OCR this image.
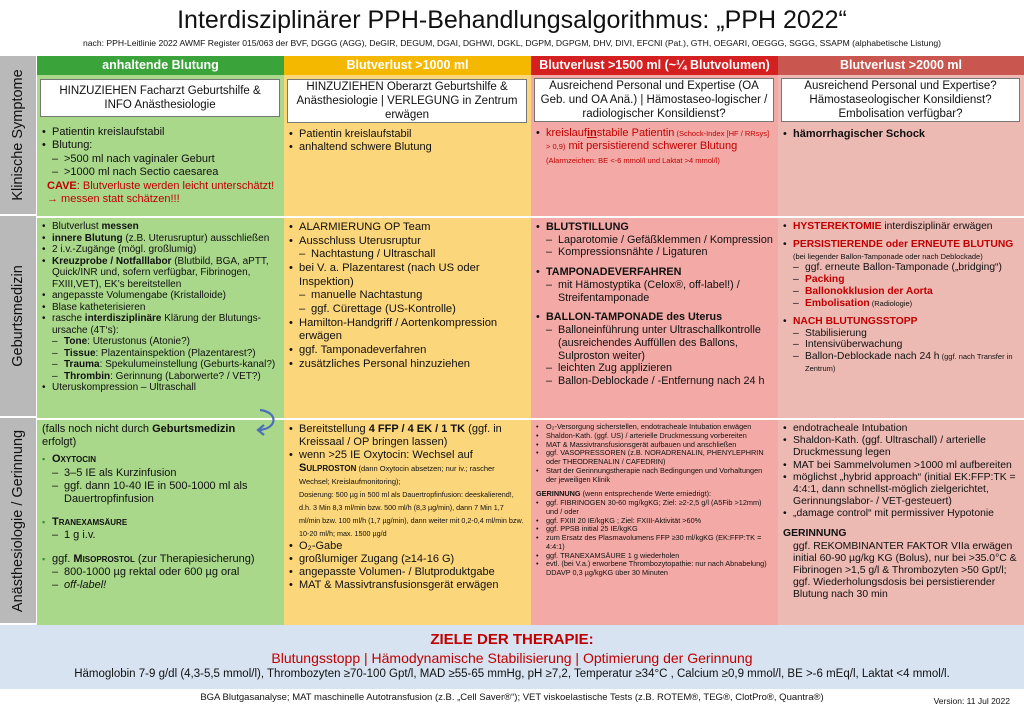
Interdisziplinärer PPH-Behandlungsalgorithmus: „PPH 2022“
nach: PPH-Leitlinie 2022 AWMF Register 015/063 der BVF, DGGG (AGG), DeGIR, DEGUM, DGAI, DGHWI, DGKL, DGPM, DGPGM, DHV, DIVI, EFCNI (Pat.), GTH, OEGARI, OEGGG, SGGG, SSAPM (alphabetische Listung)
Klinische Symptome
Geburtsmedizin
Anästhesiologie / Gerinnung
anhaltende Blutung	Blutverlust >1000 ml	Blutverlust >1500 ml (~¼ Blutvolumen)	Blutverlust >2000 ml
HINZUZIEHEN Facharzt Geburtshilfe & INFO Anästhesiologie
• Patientin kreislaufstabil
• Blutung:
– >500 ml nach vaginaler Geburt
– >1000 ml nach Sectio caesarea
CAVE: Blutverluste werden leicht unterschätzt! → messen statt schätzen!!!
HINZUZIEHEN Oberarzt Geburtshilfe & Anästhesiologie | VERLEGUNG in Zentrum erwägen
• Patientin kreislaufstabil
• anhaltend schwere Blutung
Ausreichend Personal und Expertise (OA Geb. und OA Anä.) | Hämostaseo-logischer / radiologischer Konsildienst?
• kreislaufinstabile Patientin (Schock-Index [HF / RRsys] > 0,9) mit persistierend schwerer Blutung (Alarmzeichen: BE <-6 mmol/l und Laktat >4 mmol/l)
Ausreichend Personal und Expertise? Hämostaseologischer Konsildienst? Embolisation verfügbar?
• hämorrhagischer Schock
• Blutverlust messen
• innere Blutung (z.B. Uterusruptur) ausschließen
• 2 i.v.-Zugänge (mögl. großlumig)
• Kreuzprobe / Notfalllabor (Blutbild, BGA, aPTT, Quick/INR und, sofern verfügbar, Fibrinogen, FXIII,VET), EK’s bereitstellen
• angepasste Volumengabe (Kristalloide)
• Blase katheterisieren
• rasche interdisziplinäre Klärung der Blutungs-ursache (4T‘s):
– Tone: Uterustonus (Atonie?)
– Tissue: Plazentainspektion (Plazentarest?)
– Trauma: Spekulumeinstellung (Geburts-kanal?)
– Thrombin: Gerinnung (Laborwerte? / VET?)
• Uteruskompression – Ultraschall
• ALARMIERUNG OP Team
• Ausschluss Uterusruptur
– Nachtastung / Ultraschall
• bei V. a. Plazentarest (nach US oder Inspektion)
– manuelle Nachtastung
– ggf. Cürettage (US-Kontrolle)
• Hamilton-Handgriff / Aortenkompression erwägen
• ggf. Tamponadeverfahren
• zusätzliches Personal hinzuziehen
• BLUTSTILLUNG
– Laparotomie / Gefäßklemmen / Kompression
– Kompressionsnähte / Ligaturen
• TAMPONADEVERFAHREN
– mit Hämostyptika (Celox®, off-label!) / Streifentamponade
• BALLON-TAMPONADE des Uterus
– Balloneinführung unter Ultraschallkontrolle (ausreichendes Auffüllen des Ballons, Sulproston weiter)
– leichten Zug applizieren
– Ballon-Deblockade / -Entfernung nach 24 h
• HYSTEREKTOMIE interdisziplinär erwägen
• PERSISTIERENDE oder ERNEUTE BLUTUNG
(bei liegender Ballon-Tamponade oder nach Deblockade)
– ggf. erneute Ballon-Tamponade („bridging“)
– Packing
– Ballonokklusion der Aorta
– Embolisation (Radiologie)
• NACH BLUTUNGSSTOPP
– Stabilisierung
– Intensivüberwachung
– Ballon-Deblockade nach 24 h (ggf. nach Transfer in Zentrum)
(falls noch nicht durch Geburtsmedizin erfolgt)
▪ Oxytocin
– 3–5 IE als Kurzinfusion
– ggf. dann 10-40 IE in 500-1000 ml als Dauertropfinfusion
▪ Tranexamsäure
– 1 g i.v.
▪ ggf. Misoprostol (zur Therapiesicherung)
– 800-1000 µg rektal oder 600 µg oral
– off-label!
• Bereitstellung 4 FFP / 4 EK / 1 TK (ggf. in Kreissaal / OP bringen lassen)
• wenn >25 IE Oxytocin: Wechsel auf
Sulproston (dann Oxytocin absetzen; nur iv.; rascher Wechsel; Kreislaufmonitoring);
Dosierung: 500 µg in 500 ml als Dauertropfinfusion: deeskalierend!, d.h. 3 Min 8,3 ml/min bzw. 500 ml/h (8,3 µg/min), dann 7 Min 1,7 ml/min bzw. 100 ml/h (1,7 µg/min), dann weiter mit 0,2-0,4 ml/min bzw. 10-20 ml/h; max. 1500 µg/d
• O₂-Gabe
• großlumiger Zugang (≥14-16 G)
• angepasste Volumen- / Blutproduktgabe
• MAT & Massivtransfusionsgerät erwägen
• O₂-Versorgung sicherstellen, endotracheale Intubation erwägen
• Shaldon-Kath. (ggf. US) / arterielle Druckmessung vorbereiten
• MAT & Massivtransfusionsgerät aufbauen und anschließen
• ggf. VASOPRESSOREN (z.B. NORADRENALIN, PHENYLEPHRIN oder THEODRENALIN / CAFEDRIN)
• Start der Gerinnungstherapie nach Bedingungen und Vorhaltungen der jeweiligen Klinik
GERINNUNG (wenn entsprechende Werte erniedrigt):
• ggf. FIBRINOGEN 30-60 mg/kgKG; Ziel: ≥2-2,5 g/l (A5Fib >12mm) und / oder
• ggf. FXIII 20 IE/kgKG ; Ziel: FXIII-Aktivität >60%
• ggf. PPSB initial 25 IE/kgKG
• zum Ersatz des Plasmavolumens FFP ≥30 ml/kgKG (EK:FFP:TK = 4:4:1)
• ggf. TRANEXAMSÄURE 1 g wiederholen
• evtl. (bei V.a.) erworbene Thrombozytopathie: nur nach Abnabelung) DDAVP 0,3 µg/kgKG über 30 Minuten
• endotracheale Intubation
• Shaldon-Kath. (ggf. Ultraschall) / arterielle Druckmessung legen
• MAT bei Sammelvolumen >1000 ml aufbereiten
• möglichst „hybrid approach“ (initial EK:FFP:TK = 4:4:1, dann schnellst-möglich zielgerichtet, Gerinnungslabor- / VET-gesteuert)
• „damage control“ mit permissiver Hypotonie
GERINNUNG
ggf. REKOMBINANTER FAKTOR VIIa erwägen initial 60-90 µg/kg KG (Bolus), nur bei >35.0°C & Fibrinogen >1,5 g/l & Thrombozyten >50 Gpt/l; ggf. Wiederholungsdosis bei persistierender Blutung nach 30 min
ZIELE DER THERAPIE:
Blutungsstopp | Hämodynamische Stabilisierung | Optimierung der Gerinnung
Hämoglobin 7-9 g/dl (4,3-5,5 mmol/l), Thrombozyten ≥70-100 Gpt/l, MAD ≥55-65 mmHg, pH ≥7,2, Temperatur ≥34°C , Calcium ≥0,9 mmol/l, BE >-6 mEq/l, Laktat <4 mmol/l.
BGA Blutgasanalyse; MAT maschinelle Autotransfusion (z.B. „Cell Saver®“); VET viskoelastische Tests (z.B. ROTEM®, TEG®, ClotPro®, Quantra®)	Version: 11 Jul 2022
